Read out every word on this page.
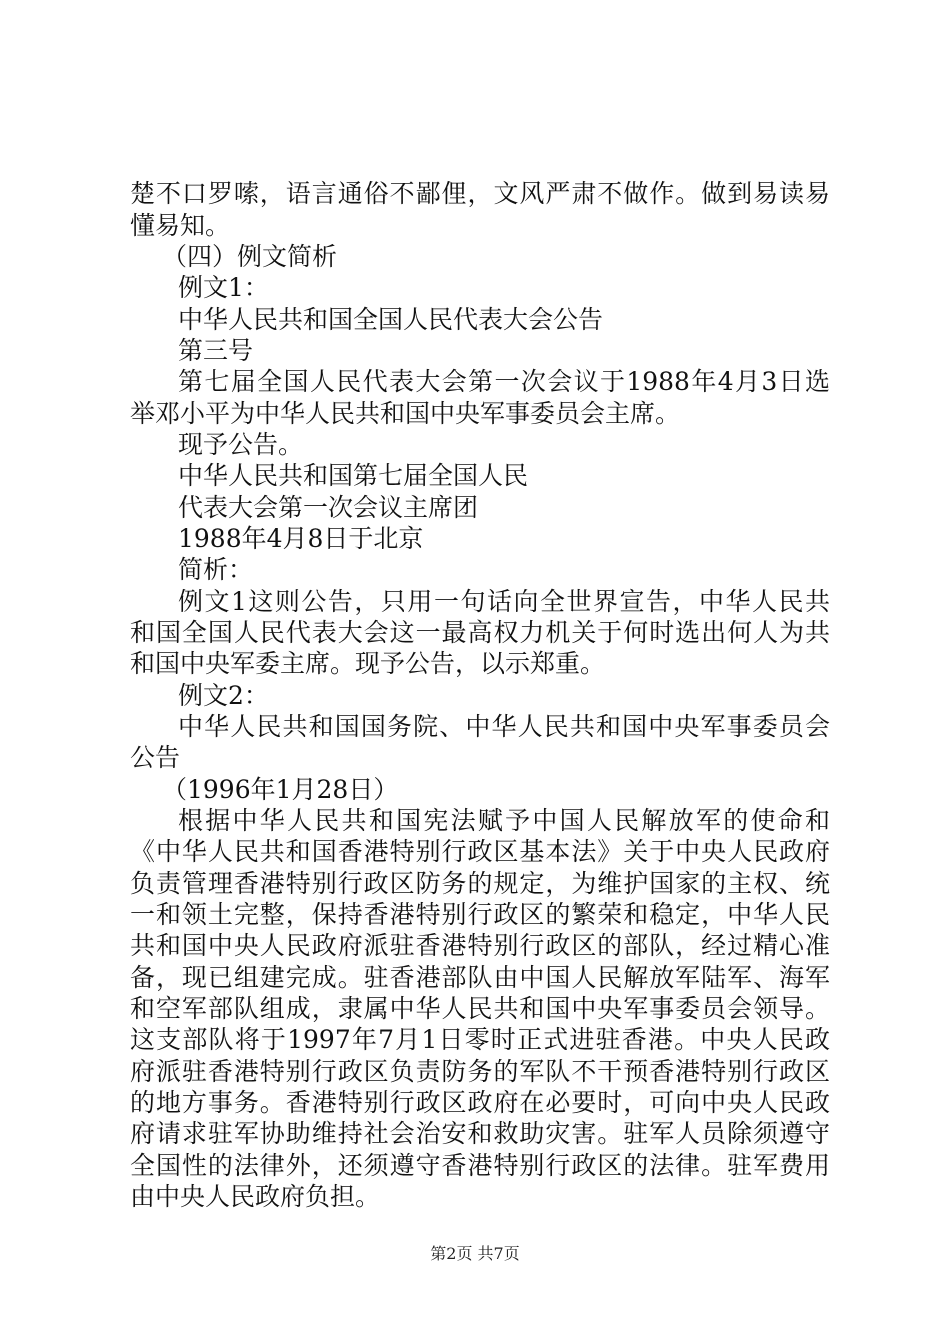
楚不口罗嗦，语言通俗不鄙俚，文风严肃不做作。做到易读易
懂易知。
（四）例文简析
例文1：
中华人民共和国全国人民代表大会公告
第三号
第七届全国人民代表大会第一次会议于1988年4月3日选
举邓小平为中华人民共和国中央军事委员会主席。
现予公告。
中华人民共和国第七届全国人民
代表大会第一次会议主席团
1988年4月8日于北京
简析：
例文1这则公告，只用一句话向全世界宣告，中华人民共
和国全国人民代表大会这一最高权力机关于何时选出何人为共
和国中央军委主席。现予公告，以示郑重。
例文2：
中华人民共和国国务院、中华人民共和国中央军事委员会
公告
（1996年1月28日）
根据中华人民共和国宪法赋予中国人民解放军的使命和
《中华人民共和国香港特别行政区基本法》关于中央人民政府
负责管理香港特别行政区防务的规定，为维护国家的主权、统
一和领土完整，保持香港特别行政区的繁荣和稳定，中华人民
共和国中央人民政府派驻香港特别行政区的部队，经过精心准
备，现已组建完成。驻香港部队由中国人民解放军陆军、海军
和空军部队组成，隶属中华人民共和国中央军事委员会领导。
这支部队将于1997年7月1日零时正式进驻香港。中央人民政
府派驻香港特别行政区负责防务的军队不干预香港特别行政区
的地方事务。香港特别行政区政府在必要时，可向中央人民政
府请求驻军协助维持社会治安和救助灾害。驻军人员除须遵守
全国性的法律外，还须遵守香港特别行政区的法律。驻军费用
由中央人民政府负担。
第2页 共7页
